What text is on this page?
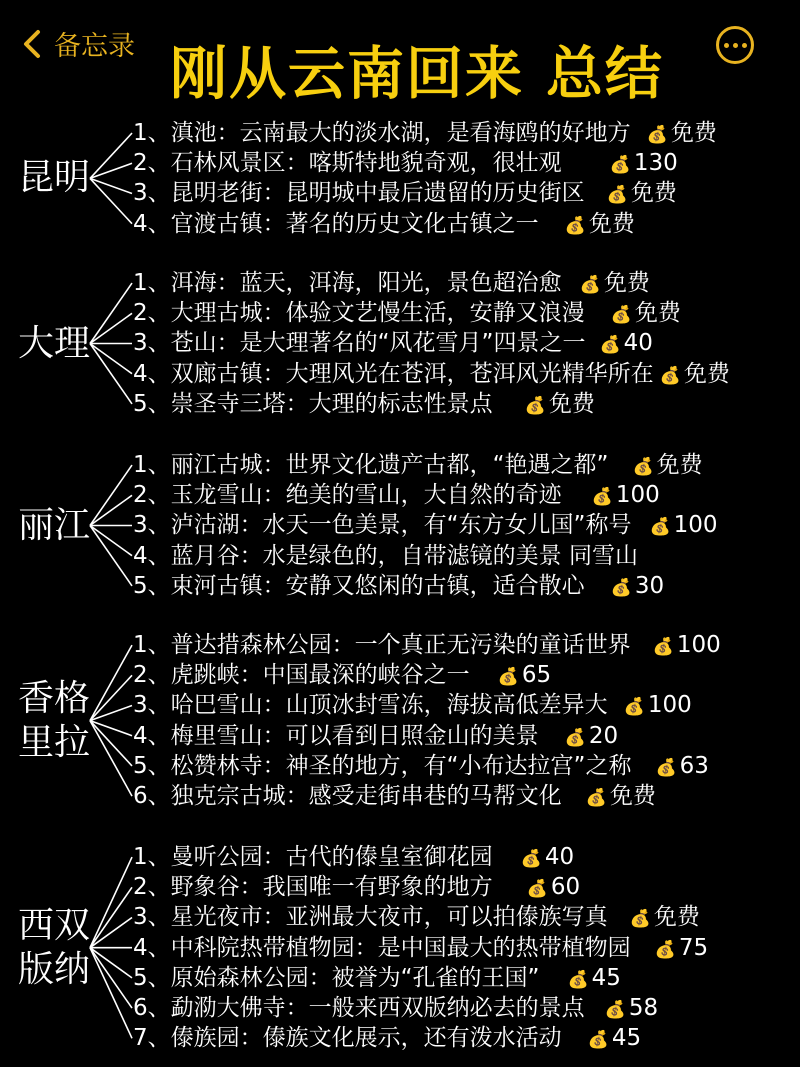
备忘录 刚从云南回来 总结
昆明
1、滇池：云南最大的淡水湖，是看海鸥的好地方 💰 免费
2、石林风景区：喀斯特地貌奇观，很壮观	💰 130
3、昆明老街：昆明城中最后遗留的历史街区 💰 免费
4、官渡古镇：著名的历史文化古镇之一 💰 免费
大理
1、洱海：蓝天，洱海，阳光，景色超治愈 💰 免费
2、大理古城：体验文艺慢生活，安静又浪漫 💰 免费
3、苍山：是大理著名的“风花雪月”四景之一 💰 40
4、双廊古镇：大理风光在苍洱，苍洱风光精华所在 💰 免费
5、崇圣寺三塔：大理的标志性景点 💰 免费
丽江
1、丽江古城：世界文化遗产古都，“艳遇之都” 💰 免费
2、玉龙雪山：绝美的雪山，大自然的奇迹 💰 100
3、泸沽湖：水天一色美景，有“东方女儿国”称号 💰 100
4、蓝月谷：水是绿色的，自带滤镜的美景 同雪山
5、束河古镇：安静又悠闲的古镇，适合散心 💰 30
香格
里拉
1、普达措森林公园：一个真正无污染的童话世界 💰 100
2、虎跳峡：中国最深的峡谷之一 💰 65
3、哈巴雪山：山顶冰封雪冻，海拔高低差异大 💰 100
4、梅里雪山：可以看到日照金山的美景 💰 20
5、松赞林寺：神圣的地方，有“小布达拉宫”之称 💰 63
6、独克宗古城：感受走街串巷的马帮文化 💰 免费
西双
版纳
1、曼听公园：古代的傣皇室御花园 💰 40
2、野象谷：我国唯一有野象的地方 💰 60
3、星光夜市：亚洲最大夜市，可以拍傣族写真 💰 免费
4、中科院热带植物园：是中国最大的热带植物园 💰 75
5、原始森林公园：被誉为“孔雀的王国” 💰 45
6、勐泐大佛寺：一般来西双版纳必去的景点 💰 58
7、傣族园：傣族文化展示，还有泼水活动 💰 45
